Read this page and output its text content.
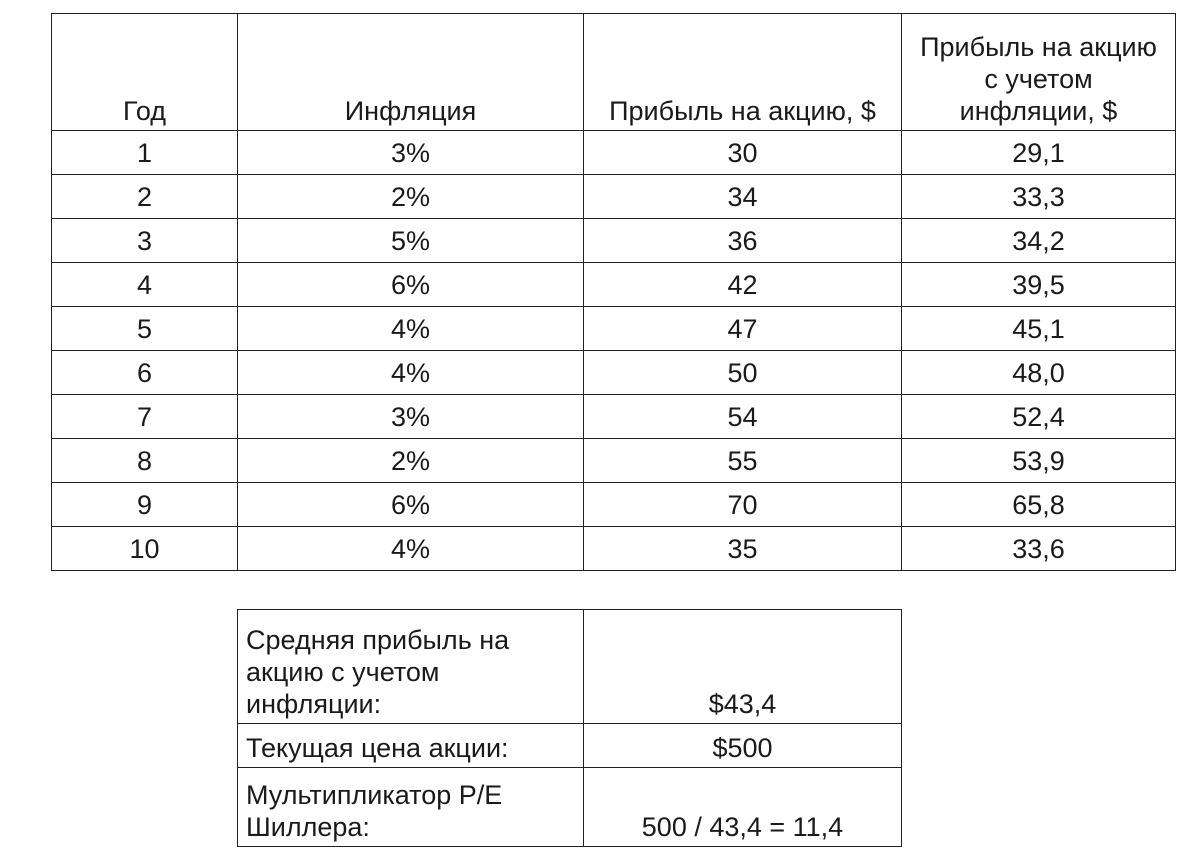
Год	Инфляция	Прибыль на акцию, $	Прибыль на акцию
с учетом
инфляции, $
1	3%	30	29,1
2	2%	34	33,3
3	5%	36	34,2
4	6%	42	39,5
5	4%	47	45,1
6	4%	50	48,0
7	3%	54	52,4
8	2%	55	53,9
9	6%	70	65,8
10	4%	35	33,6
Средняя прибыль на
акцию с учетом
инфляции:	$43,4
Текущая цена акции:	$500
Мультипликатор P/E
Шиллера:	500 / 43,4 = 11,4
